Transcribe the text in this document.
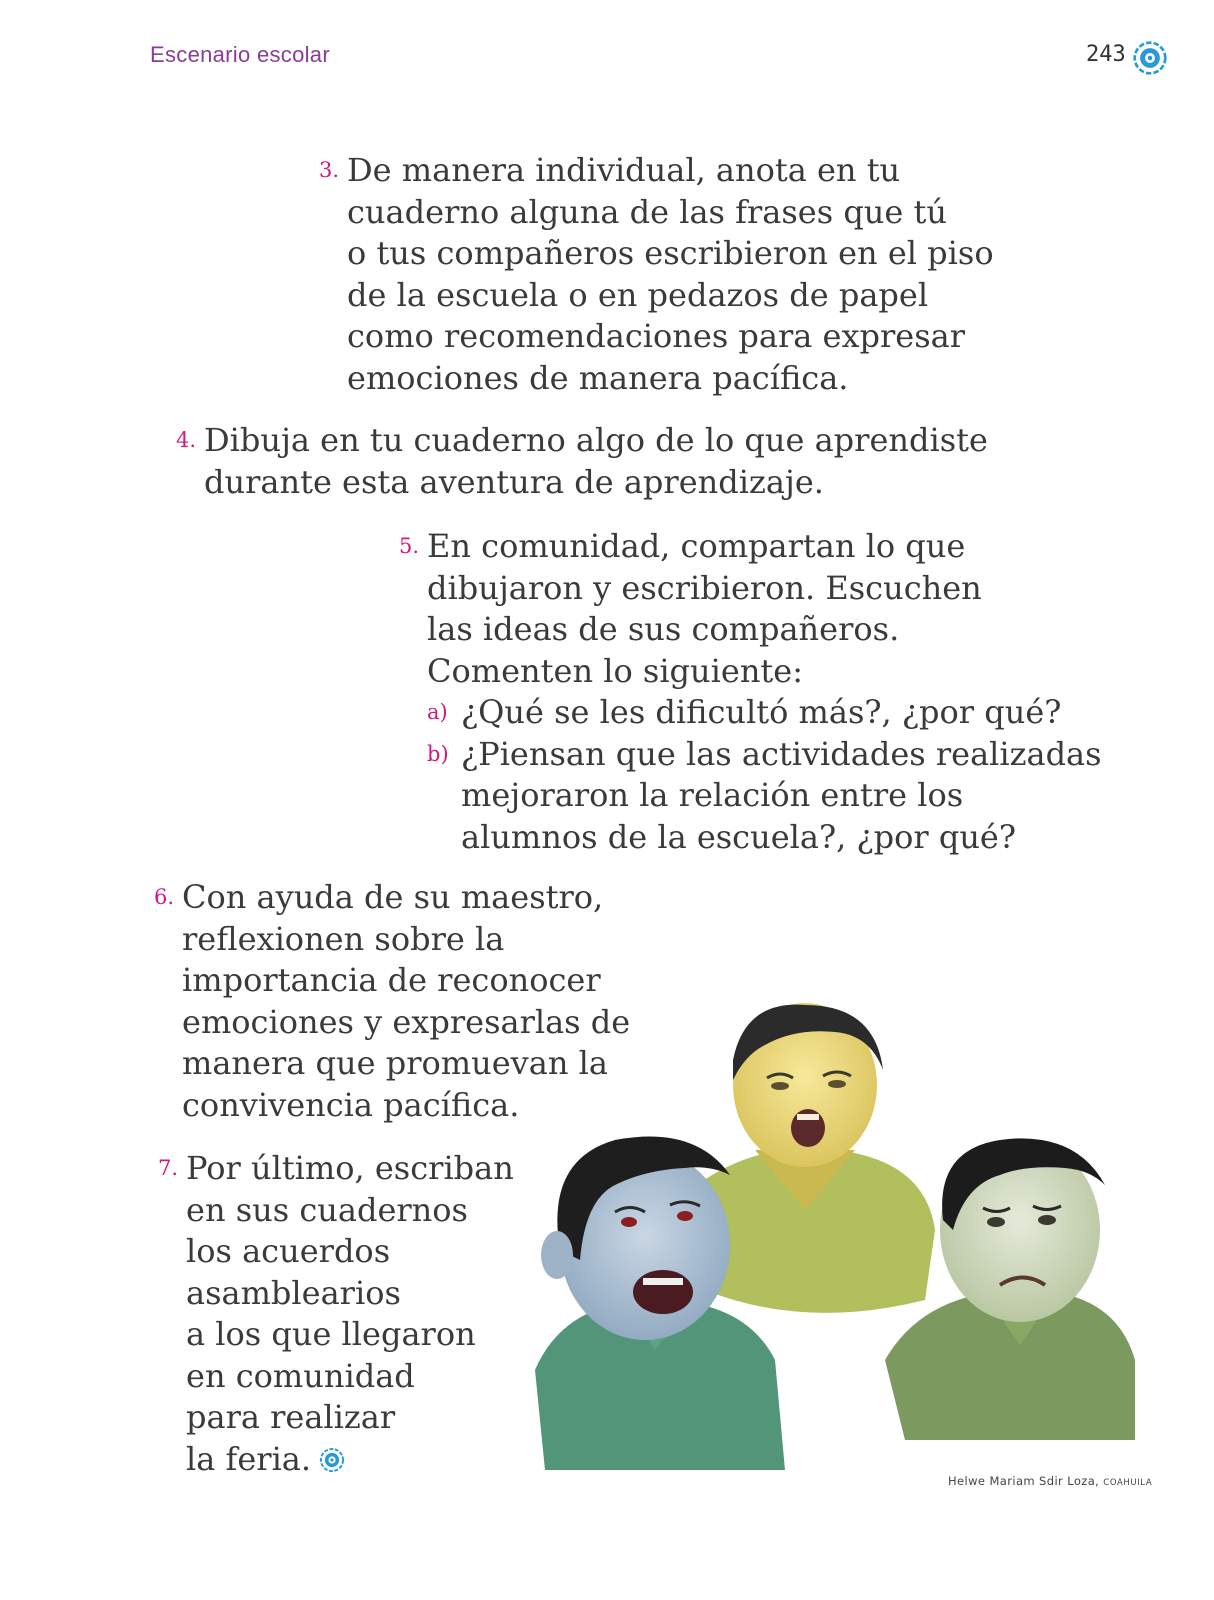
Escenario escolar	243
3. De manera individual, anota en tu
cuaderno alguna de las frases que tú
o tus compañeros escribieron en el piso
de la escuela o en pedazos de papel
como recomendaciones para expresar
emociones de manera pacífica.
4. Dibuja en tu cuaderno algo de lo que aprendiste
durante esta aventura de aprendizaje.
5. En comunidad, compartan lo que
dibujaron y escribieron. Escuchen
las ideas de sus compañeros.
Comenten lo siguiente:
a) ¿Qué se les dificultó más?, ¿por qué?
b) ¿Piensan que las actividades realizadas
mejoraron la relación entre los
alumnos de la escuela?, ¿por qué?
6. Con ayuda de su maestro,
reflexionen sobre la
importancia de reconocer
emociones y expresarlas de
manera que promuevan la
convivencia pacífica.
7. Por último, escriban
en sus cuadernos
los acuerdos
asamblearios
a los que llegaron
en comunidad
para realizar
la feria.
Helwe Mariam Sdir Loza, COAHUILA
